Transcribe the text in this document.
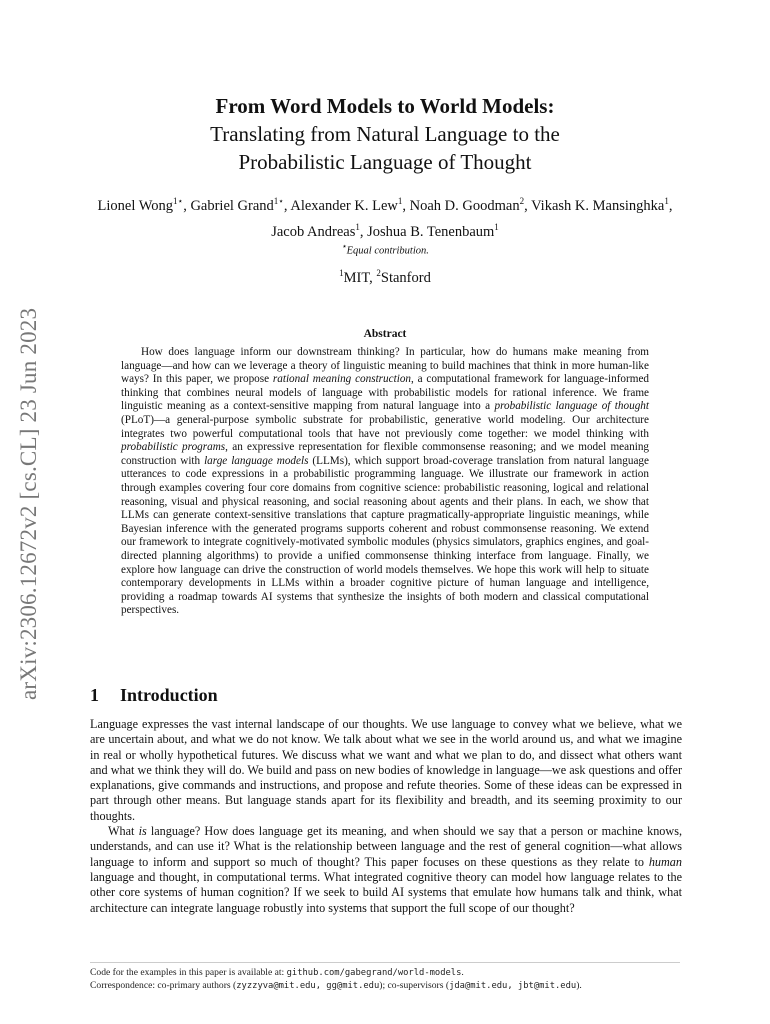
arXiv:2306.12672v2 [cs.CL] 23 Jun 2023

From Word Models to World Models:

Translating from Natural Language to the

Probabilistic Language of Thought

Lionel Wong$^{1⋆}$, Gabriel Grand$^{1⋆}$, Alexander K. Lew$^1$, Noah D. Goodman$^2$, Vikash K. Mansinghka$^1$, Jacob Andreas$^1$, Joshua B. Tenenbaum$^1$
⋆Equal contribution.
$^1$MIT, $^2$Stanford
Abstract

How does language inform our downstream thinking? In particular, how do humans make meaning from language—and how can we leverage a theory of linguistic meaning to build machines that think in more human-like ways? In this paper, we propose rational meaning construction, a computational framework for language-informed thinking that combines neural models of language with probabilistic models for rational inference. We frame linguistic meaning as a context-sensitive mapping from natural language into a probabilistic language of thought (PLoT)—a general-purpose symbolic substrate for probabilistic, generative world modeling. Our architecture integrates two powerful computational tools that have not previously come together: we model thinking with probabilistic programs, an expressive representation for flexible commonsense reasoning; and we model meaning construction with large language models (LLMs), which support broad-coverage translation from natural language utterances to code expressions in a probabilistic programming language. We illustrate our framework in action through examples covering four core domains from cognitive science: probabilistic reasoning, logical and relational reasoning, visual and physical reasoning, and social reasoning about agents and their plans. In each, we show that LLMs can generate context-sensitive translations that capture pragmatically-appropriate linguistic meanings, while Bayesian inference with the generated programs supports coherent and robust commonsense reasoning. We extend our framework to integrate cognitively-motivated symbolic modules (physics simulators, graphics engines, and goal-directed planning algorithms) to provide a unified commonsense thinking interface from language. Finally, we explore how language can drive the construction of world models themselves. We hope this work will help to situate contemporary developments in LLMs within a broader cognitive picture of human language and intelligence, providing a roadmap towards AI systems that synthesize the insights of both modern and classical computational perspectives.

1 Introduction

Language expresses the vast internal landscape of our thoughts. We use language to convey what we believe, what we are uncertain about, and what we do not know. We talk about what we see in the world around us, and what we imagine in real or wholly hypothetical futures. We discuss what we want and what we plan to do, and dissect what others want and what we think they will do. We build and pass on new bodies of knowledge in language—we ask questions and offer explanations, give commands and instructions, and propose and refute theories. Some of these ideas can be expressed in part through other means. But language stands apart for its flexibility and breadth, and its seeming proximity to our thoughts.

What is language? How does language get its meaning, and when should we say that a person or machine knows, understands, and can use it? What is the relationship between language and the rest of general cognition—what allows language to inform and support so much of thought? This paper focuses on these questions as they relate to human language and thought, in computational terms. What integrated cognitive theory can model how language relates to the other core systems of human cognition? If we seek to build AI systems that emulate how humans talk and think, what architecture can integrate language robustly into systems that support the full scope of our thought?

Code for the examples in this paper is available at: github.com/gabegrand/world-models.
Correspondence: co-primary authors (zyzzyva@mit.edu, gg@mit.edu); co-supervisors (jda@mit.edu, jbt@mit.edu).
